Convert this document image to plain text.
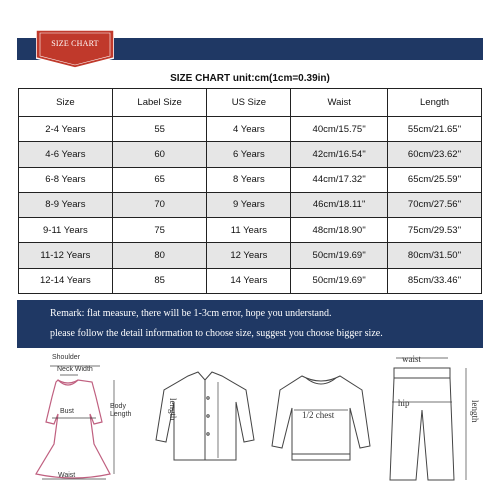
SIZE CHART
SIZE CHART unit:cm(1cm=0.39in)
Size	Label Size	US Size	Waist	Length
2-4 Years	55	4 Years	40cm/15.75''	55cm/21.65''
4-6 Years	60	6 Years	42cm/16.54''	60cm/23.62''
6-8 Years	65	8 Years	44cm/17.32''	65cm/25.59''
8-9 Years	70	9 Years	46cm/18.11''	70cm/27.56''
9-11 Years	75	11 Years	48cm/18.90''	75cm/29.53''
11-12 Years	80	12 Years	50cm/19.69''	80cm/31.50''
12-14 Years	85	14 Years	50cm/19.69''	85cm/33.46''
Remark: flat measure, there will be 1-3cm error, hope you understand.
please follow the detail information to choose size, suggest you choose bigger size.
Shoulder
Neck Width
Bust
Body
Length
Waist
length	1/2 chest
waist
hip	length
